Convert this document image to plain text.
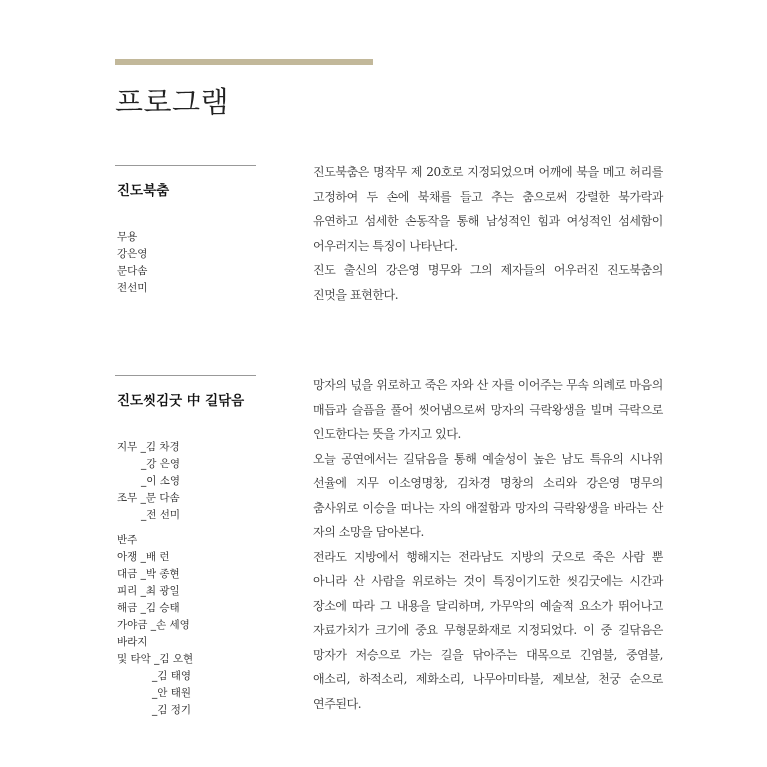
프로그램
진도북춤
무용
강은영
문다솜
전선미

진도북춤은 명작무 제 20호로 지정되었으며 어깨에 북을 메고 허리를 고정하여 두 손에 북채를 들고 추는 춤으로써 강렬한 북가락과 유연하고 섬세한 손동작을 통해 남성적인 힘과 여성적인 섬세함이 어우러지는 특징이 나타난다.

진도 출신의 강은영 명무와 그의 제자들의 어우러진 진도북춤의 진멋을 표현한다.

진도씻김굿 中 길닦음
지무 _김 차경
_강 은영
_이 소영
조무 _문 다솜
_전 선미
반주
아쟁 _배 런
대금 _박 종현
피리 _최 광일
해금 _김 승태
가야금 _손 세영
바라지
및 타악 _김 오현
_김 태영
_안 태원
_김 정기

망자의 넋을 위로하고 죽은 자와 산 자를 이어주는 무속 의례로 마음의 매듭과 슬픔을 풀어 씻어냄으로써 망자의 극락왕생을 빌며 극락으로 인도한다는 뜻을 가지고 있다.

오늘 공연에서는 길닦음을 통해 예술성이 높은 남도 특유의 시나위 선율에 지무 이소영명창, 김차경 명창의 소리와 강은영 명무의 춤사위로 이승을 떠나는 자의 애절함과 망자의 극락왕생을 바라는 산 자의 소망을 담아본다.

전라도 지방에서 행해지는 전라남도 지방의 굿으로 죽은 사람 뿐 아니라 산 사람을 위로하는 것이 특징이기도한 씻김굿에는 시간과 장소에 따라 그 내용을 달리하며, 가무악의 예술적 요소가 뛰어나고 자료가치가 크기에 중요 무형문화재로 지정되었다. 이 중 길닦음은 망자가 저승으로 가는 길을 닦아주는 대목으로 긴염불, 중염불, 애소리, 하적소리, 제화소리, 나무아미타불, 제보살, 천궁 순으로 연주된다.
